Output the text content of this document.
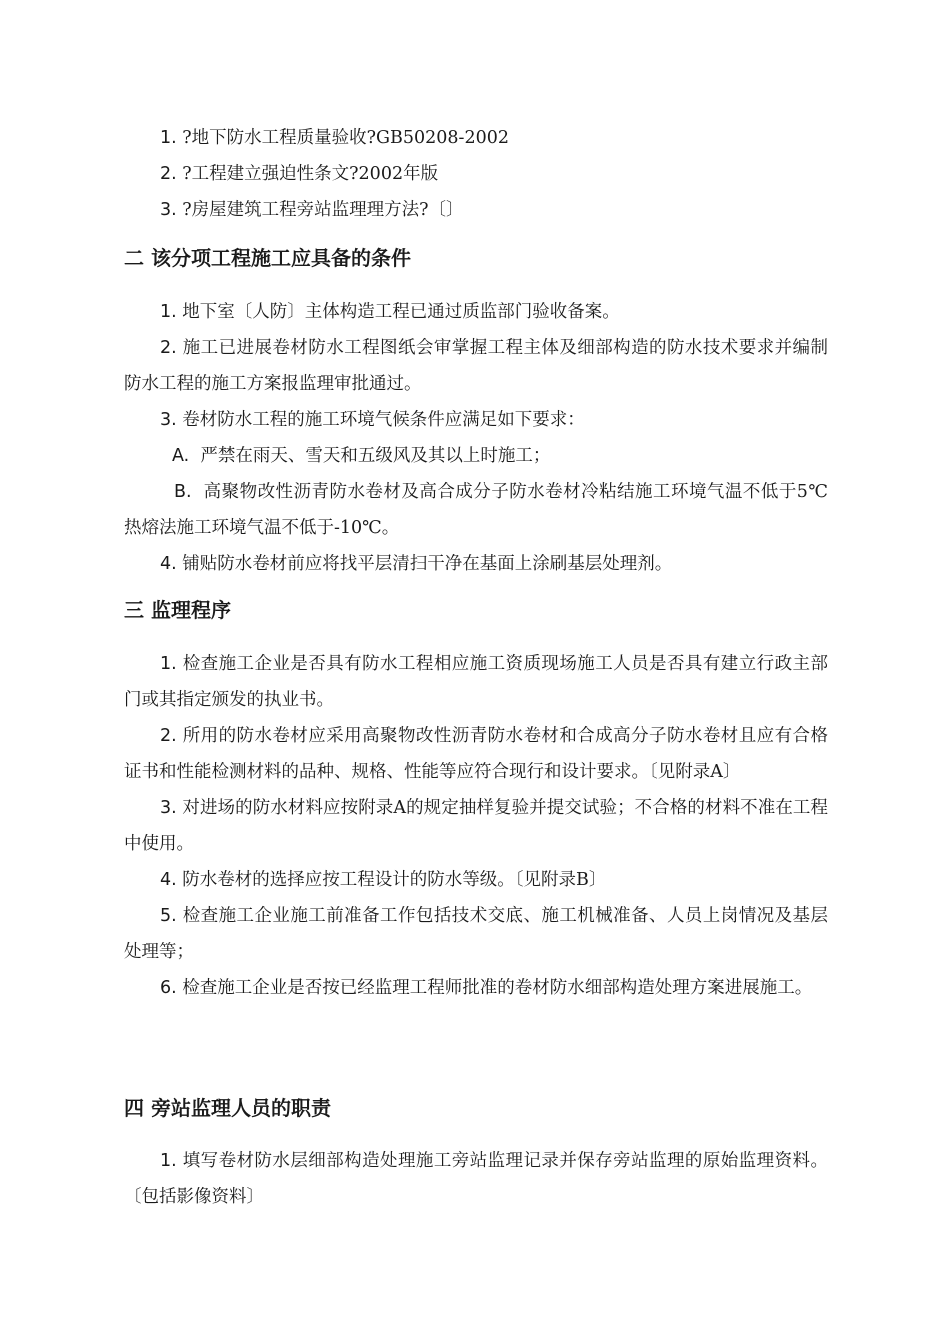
1. ?地下防水工程质量验收?GB50208-2002

2. ?工程建立强迫性条文?2002年版

3. ?房屋建筑工程旁站监理理方法?〔〕

二 该分项工程施工应具备的条件

1. 地下室〔人防〕主体构造工程已通过质监部门验收备案。

2. 施工已进展卷材防水工程图纸会审掌握工程主体及细部构造的防水技术要求并编制防水工程的施工方案报监理审批通过。

3. 卷材防水工程的施工环境气候条件应满足如下要求：

A. 严禁在雨天、雪天和五级风及其以上时施工；

B. 高聚物改性沥青防水卷材及高合成分子防水卷材冷粘结施工环境气温不低于5℃热熔法施工环境气温不低于-10℃。

4. 铺贴防水卷材前应将找平层清扫干净在基面上涂刷基层处理剂。

三 监理程序

1. 检查施工企业是否具有防水工程相应施工资质现场施工人员是否具有建立行政主部门或其指定颁发的执业书。

2. 所用的防水卷材应采用高聚物改性沥青防水卷材和合成高分子防水卷材且应有合格证书和性能检测材料的品种、规格、性能等应符合现行和设计要求。〔见附录A〕

3. 对进场的防水材料应按附录A的规定抽样复验并提交试验；不合格的材料不准在工程中使用。

4. 防水卷材的选择应按工程设计的防水等级。〔见附录B〕

5. 检查施工企业施工前准备工作包括技术交底、施工机械准备、人员上岗情况及基层处理等；

6. 检查施工企业是否按已经监理工程师批准的卷材防水细部构造处理方案进展施工。

四 旁站监理人员的职责

1. 填写卷材防水层细部构造处理施工旁站监理记录并保存旁站监理的原始监理资料。〔包括影像资料〕
